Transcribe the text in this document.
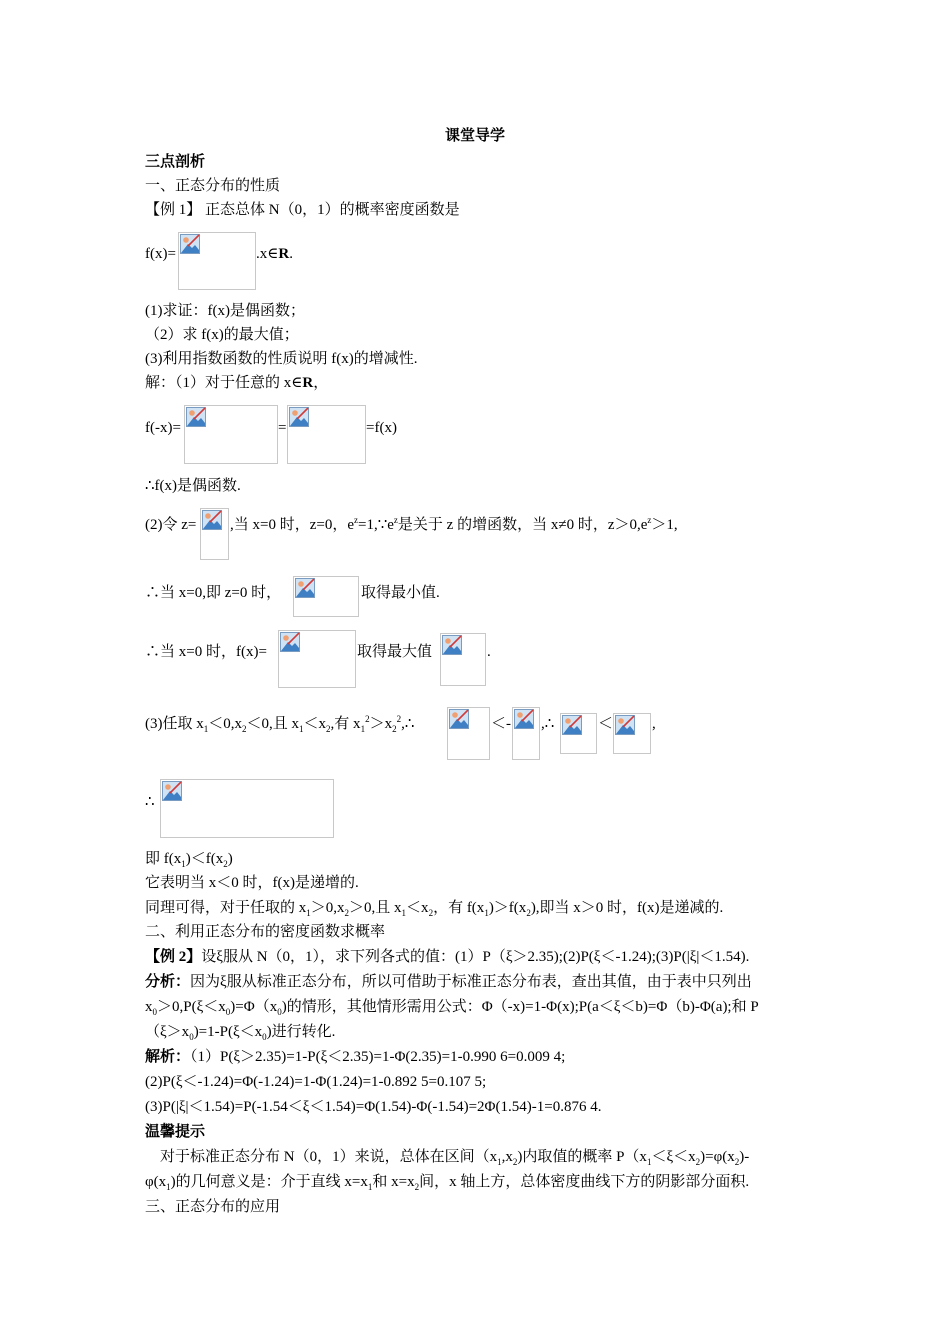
课堂导学
三点剖析
一、正态分布的性质
【例 1】 正态总体 N（0，1）的概率密度函数是
f(x)=	.x∈R.
(1)求证：f(x)是偶函数；
（2）求 f(x)的最大值；
(3)利用指数函数的性质说明 f(x)的增减性.
解：（1）对于任意的 x∈R，
f(-x)=	=	=f(x)
∴f(x)是偶函数.
(2)令 z= ,当 x=0 时，z=0，$e^z=1,\because e^z$是关于 z 的增函数，当 x≠0 时，$z>0,e^z>1$,
∴当 x=0,即 z=0 时，	取得最小值.
∴当 x=0 时，f(x)=	取得最大值	.
(3)任取 $x_1<0,x_2<0$,且 $x_1<x_2$,有 $x_1^2>x_2^2,\therefore$	＜- ,∴	＜	,
∴
即 $f(x_1)<f(x_2)$
它表明当 x＜0 时，f(x)是递增的.
同理可得，对于任取的 $x_1>0,x_2>0$,且 $x_1<x_2$，有 $f(x_1)>f(x_2)$,即当 x＞0 时，f(x)是递减的.
二、利用正态分布的密度函数求概率
【例 2】设ξ服从 N（0，1），求下列各式的值：(1）P（ξ＞2.35);(2)P(ξ＜-1.24);(3)P(|ξ|＜1.54).
分析：因为ξ服从标准正态分布，所以可借助于标准正态分布表，查出其值，由于表中只列出
$x_0>0,P(\xi<x_0)=\Phi(x_0)$的情形，其他情形需用公式：Φ（-x)=1-Φ(x);P(a＜ξ＜b)=Φ（b)-Φ(a);和 P
$(\xi>x_0)=1-P(\xi<x_0)$进行转化.
解析：（1）P(ξ＞2.35)=1-P(ξ＜2.35)=1-Φ(2.35)=1-0.990 6=0.009 4;
(2)P(ξ＜-1.24)=Φ(-1.24)=1-Φ(1.24)=1-0.892 5=0.107 5;
(3)P(|ξ|＜1.54)=P(-1.54＜ξ＜1.54)=Φ(1.54)-Φ(-1.54)=2Φ(1.54)-1=0.876 4.
温馨提示
对于标准正态分布 N（0，1）来说，总体在区间$(x_1,x_2)$内取值的概率 $P(x_1<\xi<x_2)=\varphi(x_2)-$
$\varphi(x_1)$的几何意义是：介于直线 $x=x_1$和 $x=x_2$间，x 轴上方，总体密度曲线下方的阴影部分面积.
三、正态分布的应用
